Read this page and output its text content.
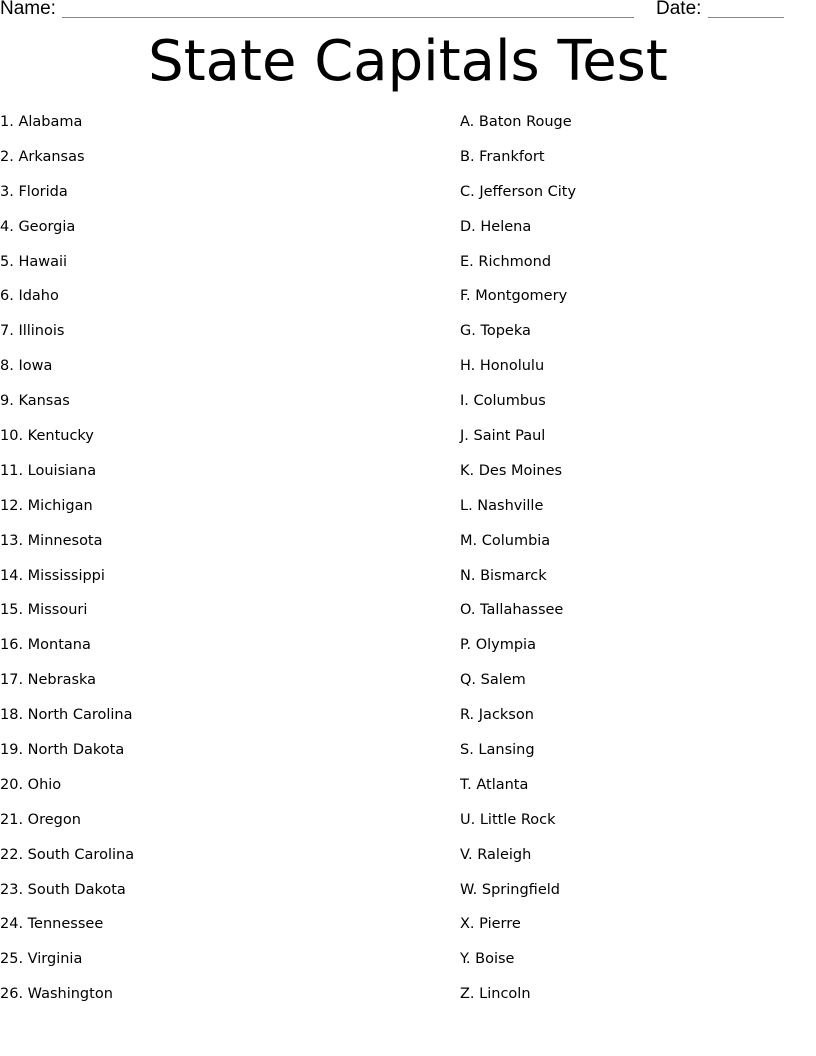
Name:	Date:
State Capitals Test
1. Alabama
2. Arkansas
3. Florida
4. Georgia
5. Hawaii
6. Idaho
7. Illinois
8. Iowa
9. Kansas
10. Kentucky
11. Louisiana
12. Michigan
13. Minnesota
14. Mississippi
15. Missouri
16. Montana
17. Nebraska
18. North Carolina
19. North Dakota
20. Ohio
21. Oregon
22. South Carolina
23. South Dakota
24. Tennessee
25. Virginia
26. Washington
A. Baton Rouge
B. Frankfort
C. Jefferson City
D. Helena
E. Richmond
F. Montgomery
G. Topeka
H. Honolulu
I. Columbus
J. Saint Paul
K. Des Moines
L. Nashville
M. Columbia
N. Bismarck
O. Tallahassee
P. Olympia
Q. Salem
R. Jackson
S. Lansing
T. Atlanta
U. Little Rock
V. Raleigh
W. Springfield
X. Pierre
Y. Boise
Z. Lincoln
